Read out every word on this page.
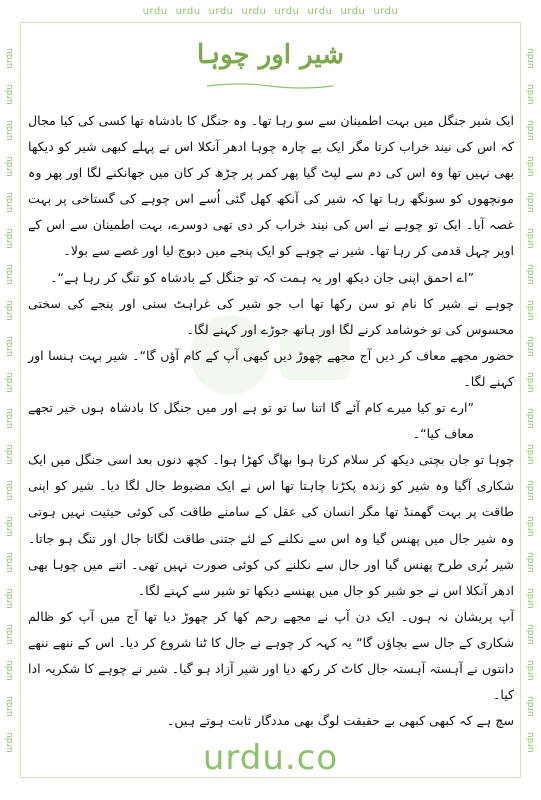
urdu urdu urdu urdu urdu urdu urdu urdu
urdu
urdu
urdu
urdu
urdu
urdu
urdu
urdu
urdu
urdu
urdu
urdu
urdu
urdu
urdu
urdu
urdu
urdu
urdu
urdu
urdu
urdu
urdu
urdu
urdu
urdu
urdu
urdu
urdu
urdu
urdu
urdu
urdu
urdu
urdu
urdu
urdu
urdu
urdu
urdu
شیر اور چوہا

ایک شیر جنگل میں بہت اطمینان سے سو رہا تھا۔ وہ جنگل کا بادشاہ تھا کسی کی کیا مجال کہ اس کی نیند خراب کرتا مگر ایک بے چارہ چوہا ادھر آنکلا اس نے پہلے کبھی شیر کو دیکھا بھی نہیں تھا وہ اس کی دم سے لپٹ گیا پھر کمر پر چڑھ کر کان میں جھانکنے لگا اور پھر وہ مونچھوں کو سونگھ رہا تھا کہ شیر کی آنکھ کھل گئی اُسے اس چوہے کی گستاخی پر بہت غصہ آیا۔ ایک تو چوہے نے اس کی نیند خراب کر دی تھی دوسرے، بہت اطمینان سے اس کے اوپر چہل قدمی کر رہا تھا۔ شیر نے چوہے کو ایک پنجے میں دبوچ لیا اور غصے سے بولا۔

”اے احمق اپنی جان دیکھ اور یہ ہمت کہ تو جنگل کے بادشاہ کو تنگ کر رہا ہے“۔

چوہے نے شیر کا نام تو سن رکھا تھا اب جو شیر کی غراہٹ سنی اور پنجے کی سختی محسوس کی تو خوشامد کرنے لگا اور ہاتھ جوڑے اور کہنے لگا۔

حضور مجھے معاف کر دیں آج مجھے چھوڑ دیں کبھی آپ کے کام آؤں گا“۔ شیر بہت ہنسا اور کہنے لگا۔

”ارے تو کیا میرے کام آئے گا اتنا سا تو تو ہے اور میں جنگل کا بادشاہ ہوں خیر تجھے معاف کیا“۔

چوہا تو جان بچتی دیکھ کر سلام کرتا ہوا بھاگ کھڑا ہوا۔ کچھ دنوں بعد اسی جنگل میں ایک شکاری آگیا وہ شیر کو زندہ پکڑنا چاہتا تھا اس نے ایک مضبوط جال لگا دیا۔ شیر کو اپنی طاقت پر بہت گھمنڈ تھا مگر انسان کی عقل کے سامنے طاقت کی کوئی حیثیت نہیں ہوتی وہ شیر جال میں پھنس گیا وہ اس سے نکلنے کے لئے جتنی طاقت لگاتا جال اور تنگ ہو جاتا۔ شیر بُری طرح پھنس گیا اور جال سے نکلنے کی کوئی صورت نہیں تھی۔ اتنے میں چوہا بھی ادھر آنکلا اس نے جو شیر کو جال میں پھنسے دیکھا تو شیر سے کہنے لگا۔

آپ پریشان نہ ہوں۔ ایک دن آپ نے مجھے رحم کھا کر چھوڑ دیا تھا آج میں آپ کو ظالم شکاری کے جال سے بچاؤں گا“ یہ کہہ کر چوہے نے جال کا ٹنا شروع کر دیا۔ اس کے ننھے ننھے دانتوں نے آہستہ آہستہ جال کاٹ کر رکھ دیا اور شیر آزاد ہو گیا۔ شیر نے چوہے کا شکریہ ادا کیا۔

سچ ہے کہ کبھی کبھی بے حقیقت لوگ بھی مددگار ثابت ہوتے ہیں۔

urdu.co
